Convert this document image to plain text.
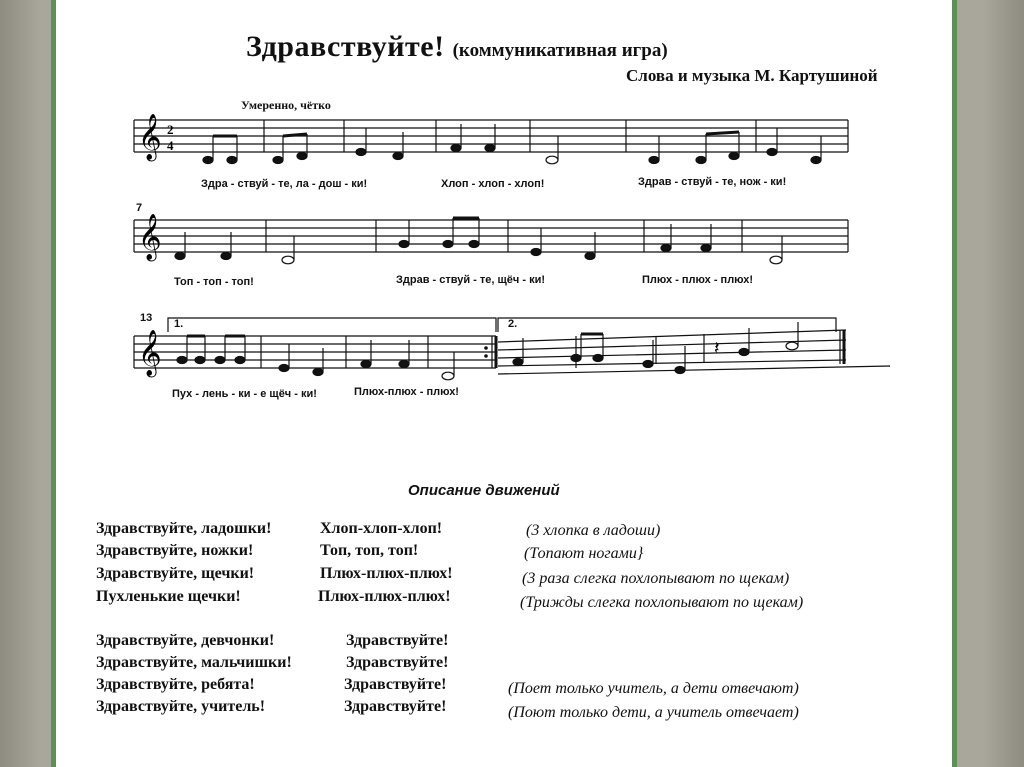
Здравствуйте! (коммуникативная игра)
Слова и музыка М. Картушиной
Умеренно, чётко
𝄞 2
4
Здра - ствуй - те, ла - дош - ки!	Хлоп - хлоп - хлоп!	Здрав - ствуй - те, нож - ки!
7
𝄞
Топ - топ - топ!	Здрав - ствуй - те, щёч - ки!	Плюх - плюх - плюх!
13 1.	2.
𝄞	𝄽
Пух - лень - ки - е щёч - ки!	Плюх-плюх - плюх!
Описание движений
Здравствуйте, ладошки!	Хлоп-хлоп-хлоп!	(3 хлопка в ладоши)
Здравствуйте, ножки!	Топ, топ, топ!	(Топают ногами}
Здравствуйте, щечки!	Плюх-плюх-плюх!	(3 раза слегка похлопывают по щекам)
Пухленькие щечки!	Плюх-плюх-плюх!	(Трижды слегка похлопывают по щекам)
Здравствуйте, девчонки!	Здравствуйте!
Здравствуйте, мальчишки!	Здравствуйте!
Здравствуйте, ребята!	Здравствуйте!	(Поет только учитель, а дети отвечают)
Здравствуйте, учитель!	Здравствуйте!	(Поют только дети, а учитель отвечает)
